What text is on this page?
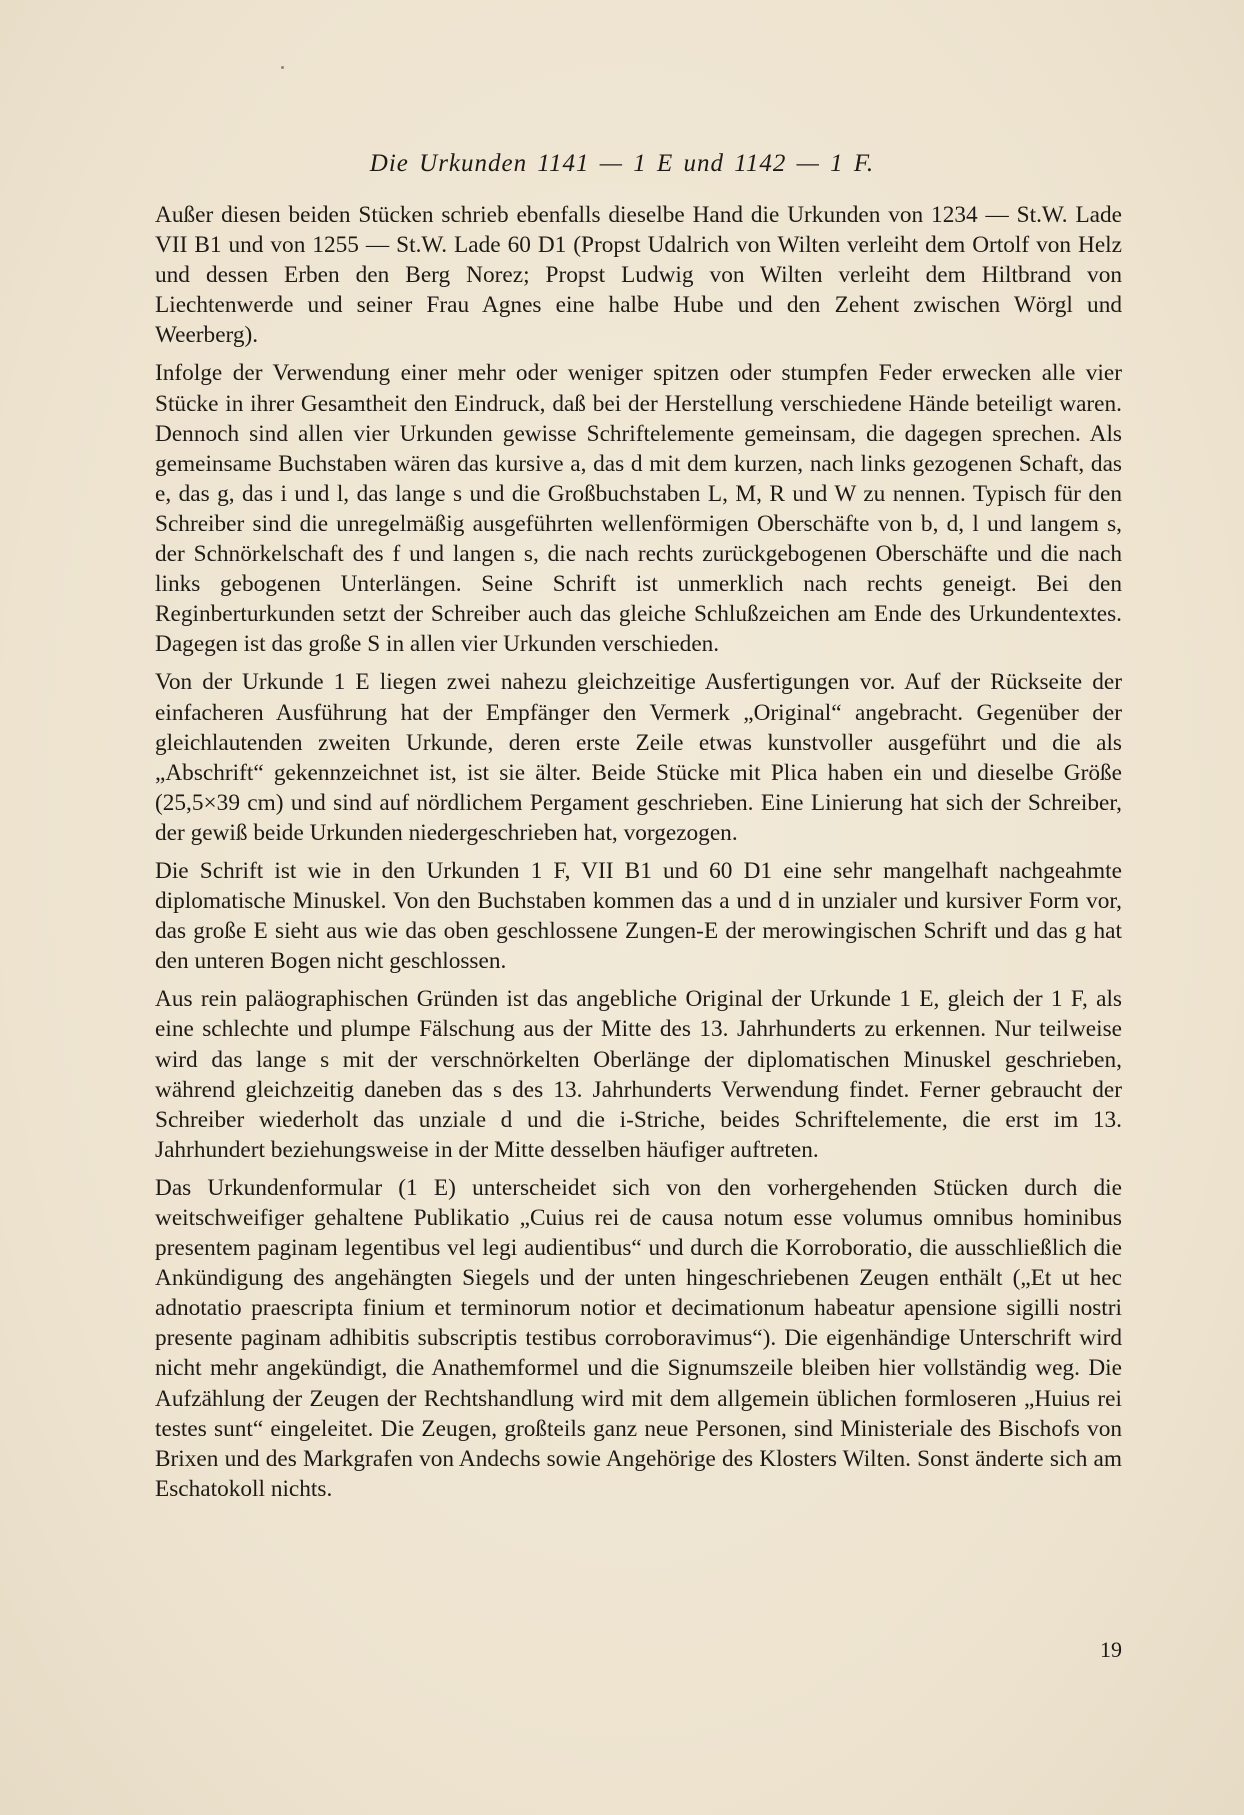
Die Urkunden 1141 — 1 E und 1142 — 1 F.

Außer diesen beiden Stücken schrieb ebenfalls dieselbe Hand die Urkunden von 1234 — St.W. Lade VII B1 und von 1255 — St.W. Lade 60 D1 (Propst Udalrich von Wilten verleiht dem Ortolf von Helz und dessen Erben den Berg Norez; Propst Ludwig von Wilten verleiht dem Hiltbrand von Liechtenwerde und seiner Frau Agnes eine halbe Hube und den Zehent zwischen Wörgl und Weerberg).

Infolge der Verwendung einer mehr oder weniger spitzen oder stumpfen Feder erwecken alle vier Stücke in ihrer Gesamtheit den Eindruck, daß bei der Herstellung verschiedene Hände beteiligt waren. Dennoch sind allen vier Urkunden gewisse Schriftelemente gemeinsam, die dagegen sprechen. Als gemeinsame Buchstaben wären das kursive a, das d mit dem kurzen, nach links gezogenen Schaft, das e, das g, das i und l, das lange s und die Großbuchstaben L, M, R und W zu nennen. Typisch für den Schreiber sind die unregelmäßig ausgeführten wellenförmigen Oberschäfte von b, d, l und langem s, der Schnörkelschaft des f und langen s, die nach rechts zurückgebogenen Oberschäfte und die nach links gebogenen Unterlängen. Seine Schrift ist unmerklich nach rechts geneigt. Bei den Reginberturkunden setzt der Schreiber auch das gleiche Schlußzeichen am Ende des Urkundentextes. Dagegen ist das große S in allen vier Urkunden verschieden.

Von der Urkunde 1 E liegen zwei nahezu gleichzeitige Ausfertigungen vor. Auf der Rückseite der einfacheren Ausführung hat der Empfänger den Vermerk „Original“ angebracht. Gegenüber der gleichlautenden zweiten Urkunde, deren erste Zeile etwas kunstvoller ausgeführt und die als „Abschrift“ gekennzeichnet ist, ist sie älter. Beide Stücke mit Plica haben ein und dieselbe Größe (25,5×39 cm) und sind auf nördlichem Pergament geschrieben. Eine Linierung hat sich der Schreiber, der gewiß beide Urkunden niedergeschrieben hat, vorgezogen.

Die Schrift ist wie in den Urkunden 1 F, VII B1 und 60 D1 eine sehr mangelhaft nachgeahmte diplomatische Minuskel. Von den Buchstaben kommen das a und d in unzialer und kursiver Form vor, das große E sieht aus wie das oben geschlossene Zungen-E der merowingischen Schrift und das g hat den unteren Bogen nicht geschlossen.

Aus rein paläographischen Gründen ist das angebliche Original der Urkunde 1 E, gleich der 1 F, als eine schlechte und plumpe Fälschung aus der Mitte des 13. Jahrhunderts zu erkennen. Nur teilweise wird das lange s mit der verschnörkelten Oberlänge der diplomatischen Minuskel geschrieben, während gleichzeitig daneben das s des 13. Jahrhunderts Verwendung findet. Ferner gebraucht der Schreiber wiederholt das unziale d und die i-Striche, beides Schriftelemente, die erst im 13. Jahrhundert beziehungsweise in der Mitte desselben häufiger auftreten.

Das Urkundenformular (1 E) unterscheidet sich von den vorhergehenden Stücken durch die weitschweifiger gehaltene Publikatio „Cuius rei de causa notum esse volumus omnibus hominibus presentem paginam legentibus vel legi audientibus“ und durch die Korroboratio, die ausschließlich die Ankündigung des angehängten Siegels und der unten hingeschriebenen Zeugen enthält („Et ut hec adnotatio praescripta finium et terminorum notior et decimationum habeatur apensione sigilli nostri presente paginam adhibitis subscriptis testibus corroboravimus“). Die eigenhändige Unterschrift wird nicht mehr angekündigt, die Anathemformel und die Signumszeile bleiben hier vollständig weg. Die Aufzählung der Zeugen der Rechtshandlung wird mit dem allgemein üblichen formloseren „Huius rei testes sunt“ eingeleitet. Die Zeugen, großteils ganz neue Personen, sind Ministeriale des Bischofs von Brixen und des Markgrafen von Andechs sowie Angehörige des Klosters Wilten. Sonst änderte sich am Eschatokoll nichts.

19
